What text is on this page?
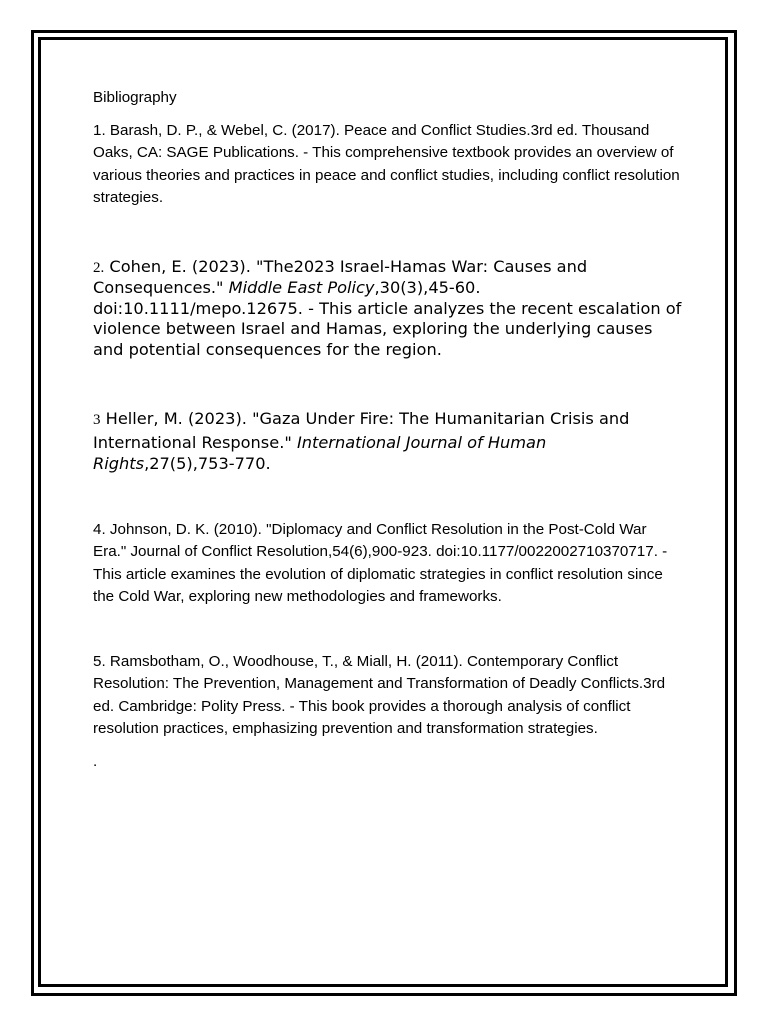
Bibliography

1. Barash, D. P., & Webel, C. (2017). Peace and Conflict Studies.3rd ed. Thousand Oaks, CA: SAGE Publications. - This comprehensive textbook provides an overview of various theories and practices in peace and conflict studies, including conflict resolution strategies.

2. Cohen, E. (2023). "The2023 Israel-Hamas War: Causes and Consequences." Middle East Policy,30(3),45-60. doi:10.1111/mepo.12675. - This article analyzes the recent escalation of violence between Israel and Hamas, exploring the underlying causes and potential consequences for the region.

3 Heller, M. (2023). "Gaza Under Fire: The Humanitarian Crisis and International Response." International Journal of Human Rights,27(5),753-770.

4. Johnson, D. K. (2010). "Diplomacy and Conflict Resolution in the Post-Cold War Era." Journal of Conflict Resolution,54(6),900-923. doi:10.1177/0022002710370717. - This article examines the evolution of diplomatic strategies in conflict resolution since the Cold War, exploring new methodologies and frameworks.

5. Ramsbotham, O., Woodhouse, T., & Miall, H. (2011). Contemporary Conflict Resolution: The Prevention, Management and Transformation of Deadly Conflicts.3rd ed. Cambridge: Polity Press. - This book provides a thorough analysis of conflict resolution practices, emphasizing prevention and transformation strategies.

.
